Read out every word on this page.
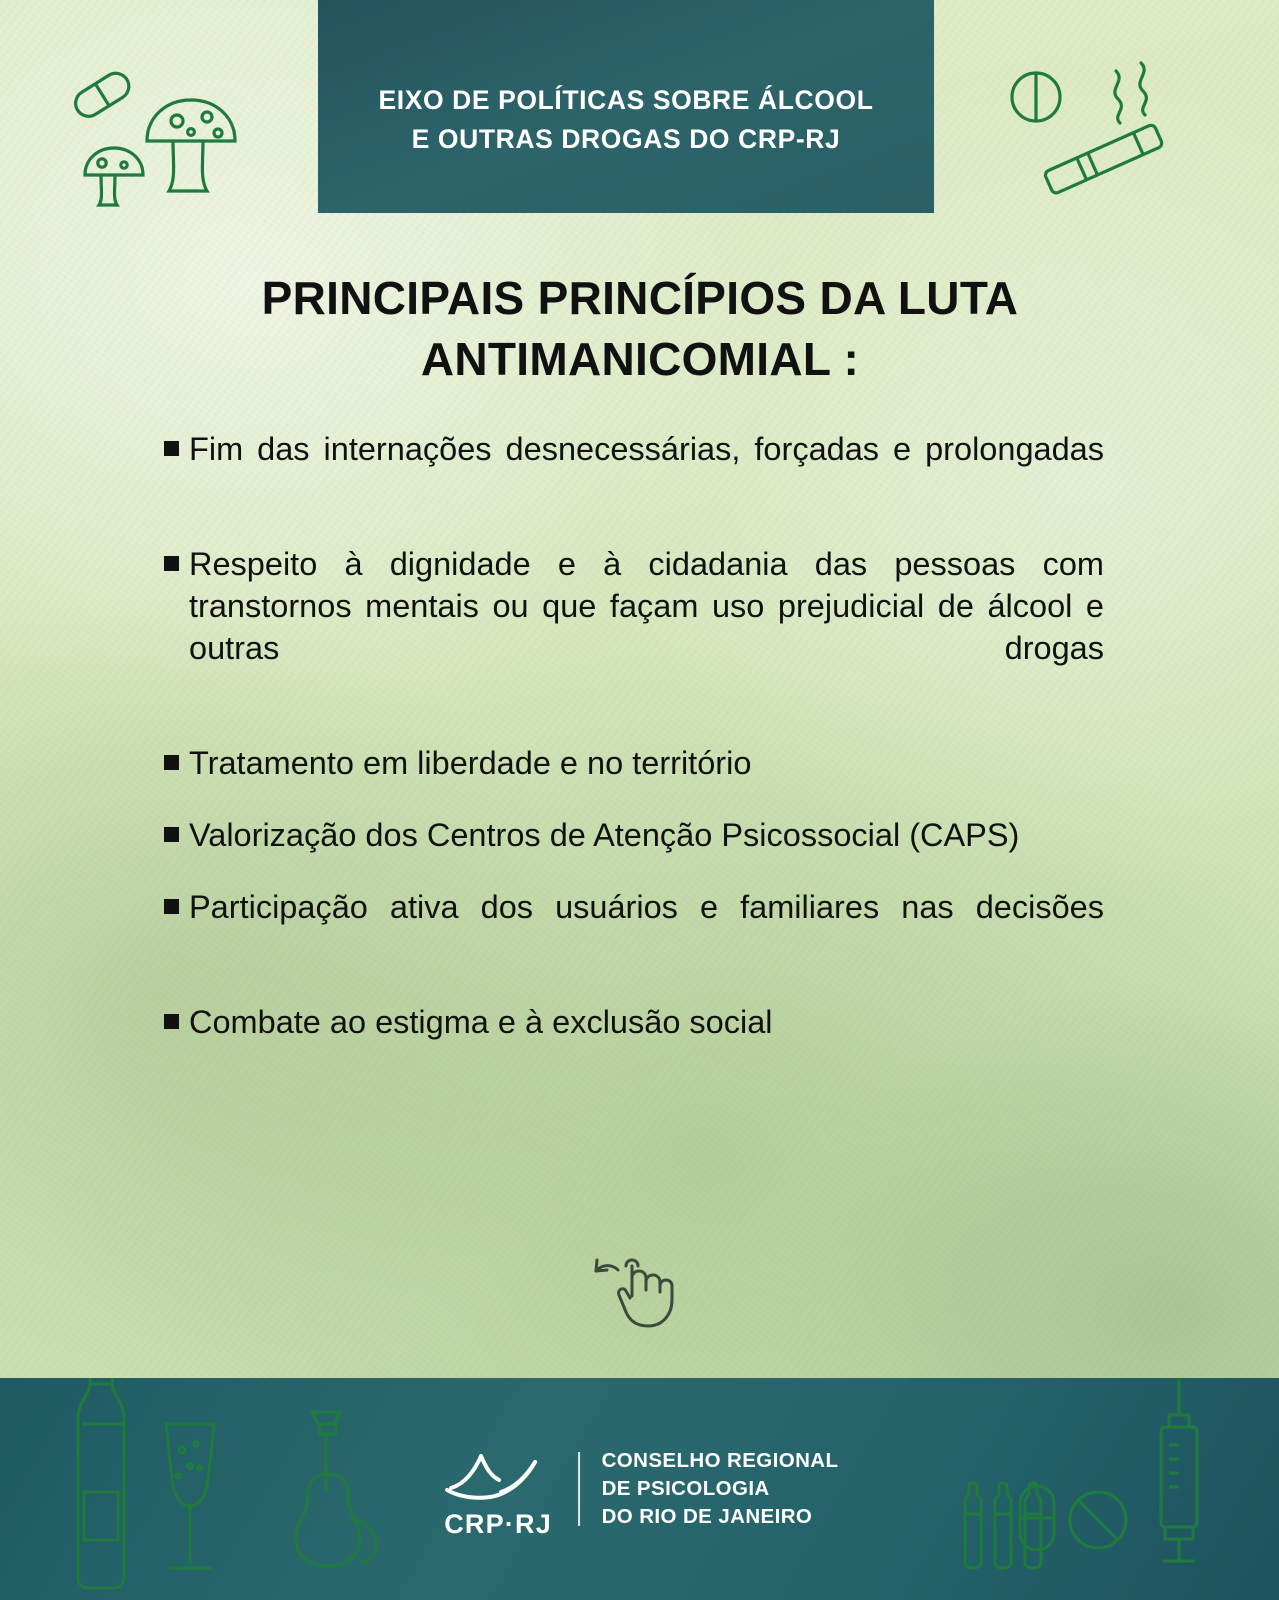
EIXO DE POLÍTICAS SOBRE ÁLCOOL
E OUTRAS DROGAS DO CRP-RJ
PRINCIPAIS PRINCÍPIOS DA LUTA
ANTIMANICOMIAL :
Fim das internações desnecessárias, forçadas e prolongadas
Respeito à dignidade e à cidadania das pessoas com transtornos mentais ou que façam uso prejudicial de álcool e outras drogas
Tratamento em liberdade e no território
Valorização dos Centros de Atenção Psicossocial (CAPS)
Participação ativa dos usuários e familiares nas decisões
Combate ao estigma e à exclusão social
CRP·RJ
CONSELHO REGIONAL
DE PSICOLOGIA
DO RIO DE JANEIRO
